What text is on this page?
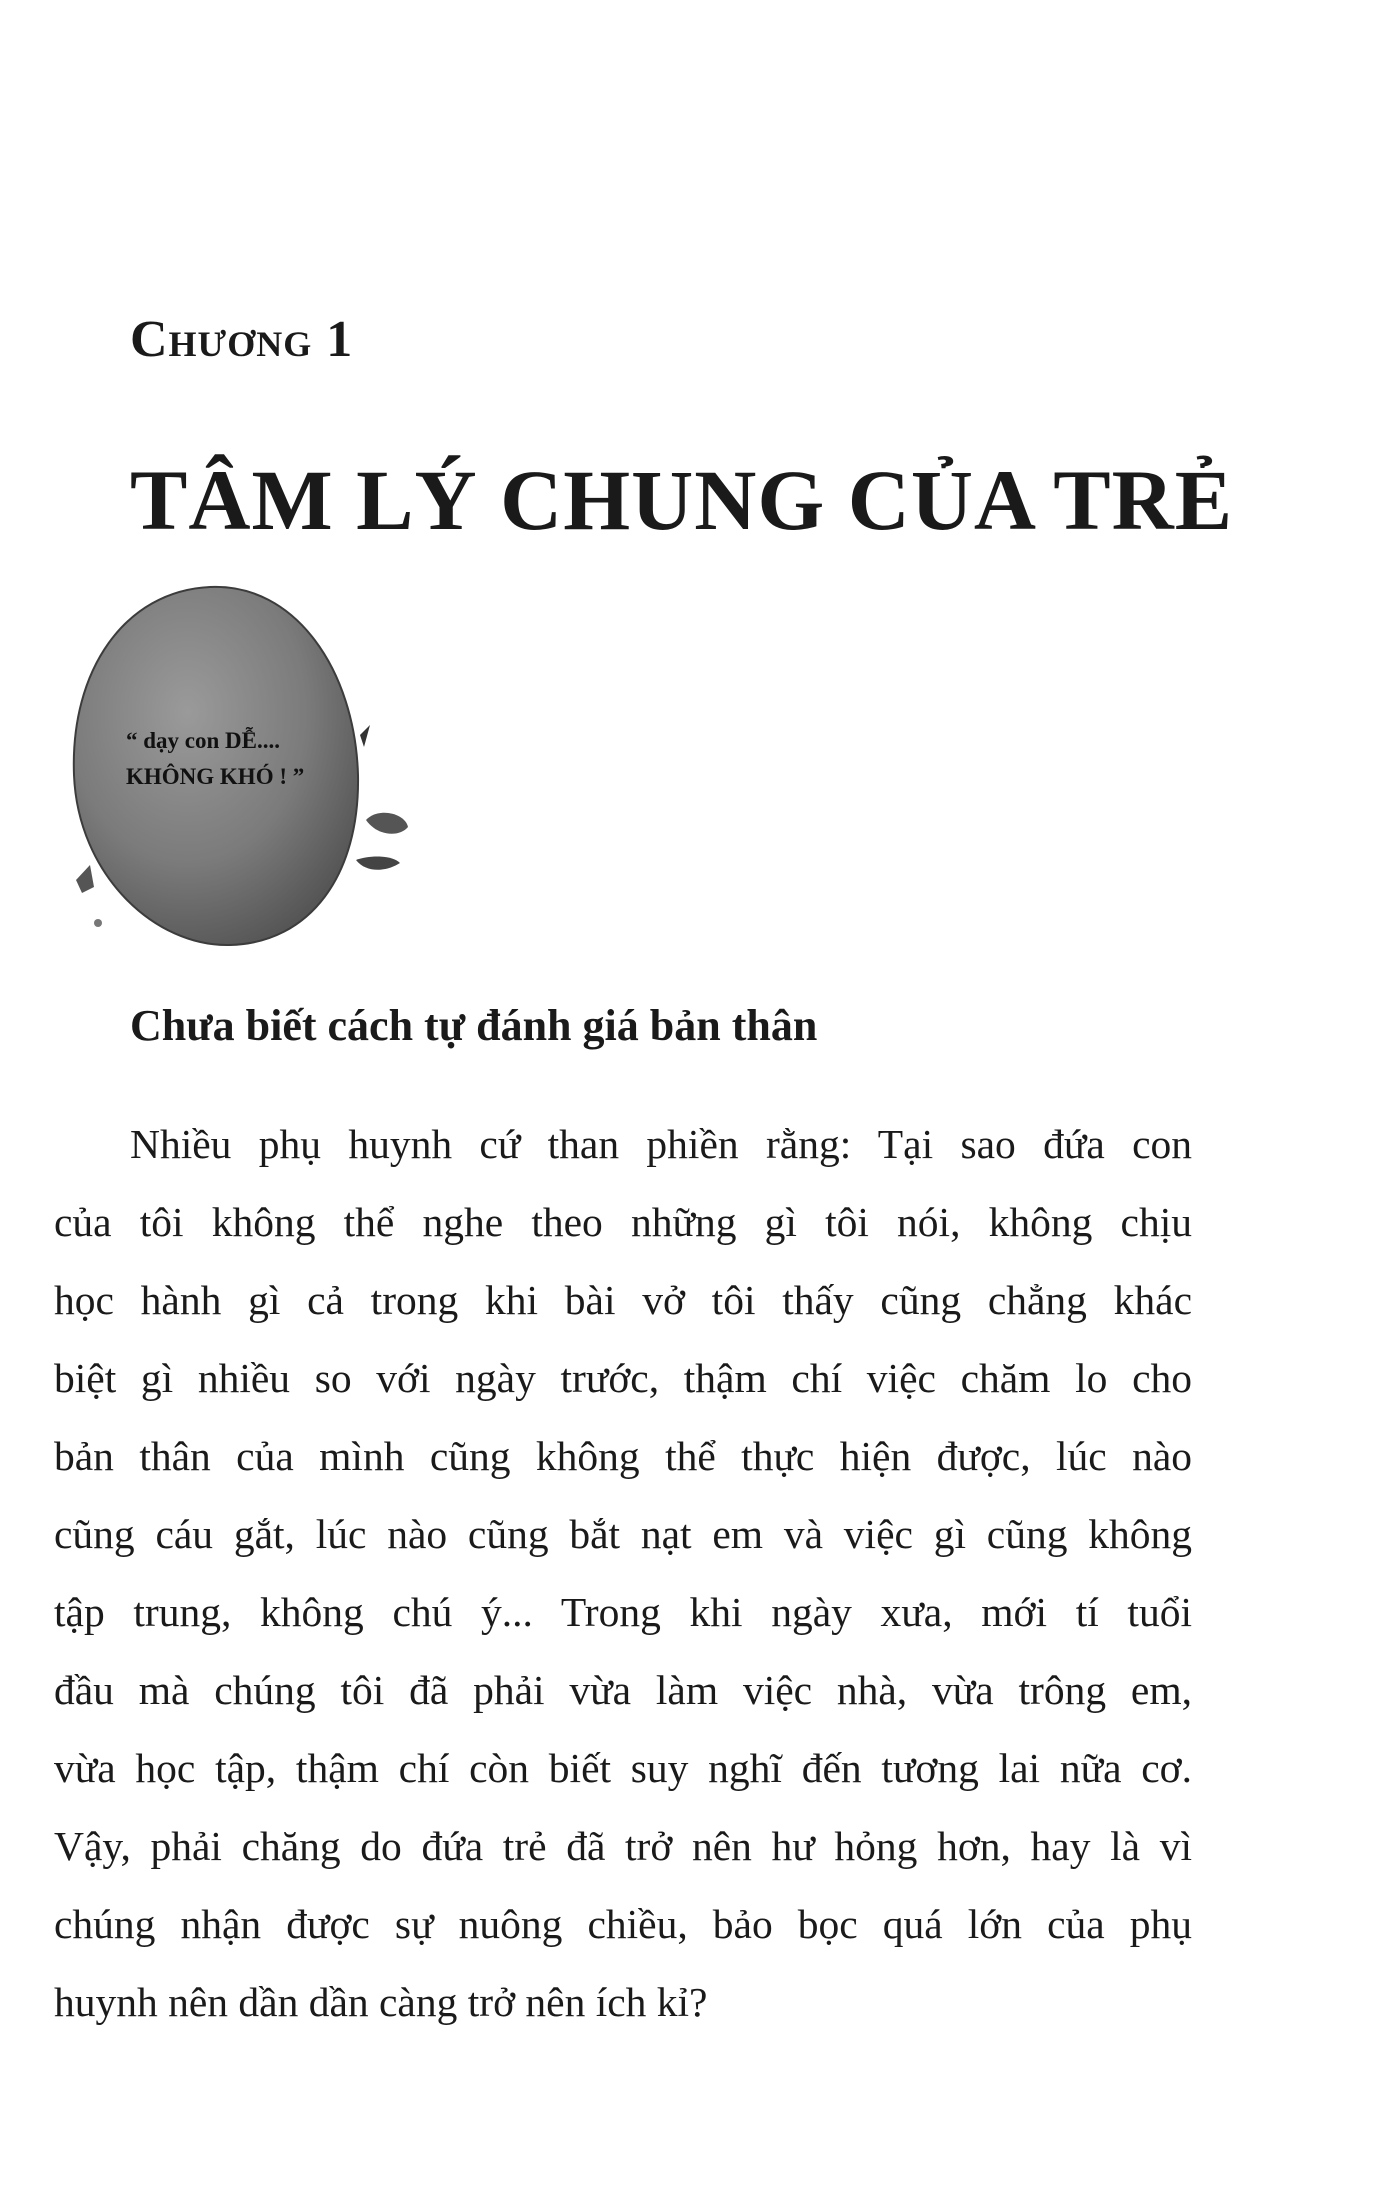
Chương 1
TÂM LÝ CHUNG CỦA TRẺ
“ dạy con DỄ....
KHÔNG KHÓ ! ”
Chưa biết cách tự đánh giá bản thân
Nhiều phụ huynh cứ than phiền rằng: Tại sao đứa con
của tôi không thể nghe theo những gì tôi nói, không chịu
học hành gì cả trong khi bài vở tôi thấy cũng chẳng khác
biệt gì nhiều so với ngày trước, thậm chí việc chăm lo cho
bản thân của mình cũng không thể thực hiện được, lúc nào
cũng cáu gắt, lúc nào cũng bắt nạt em và việc gì cũng không
tập trung, không chú ý... Trong khi ngày xưa, mới tí tuổi
đầu mà chúng tôi đã phải vừa làm việc nhà, vừa trông em,
vừa học tập, thậm chí còn biết suy nghĩ đến tương lai nữa cơ.
Vậy, phải chăng do đứa trẻ đã trở nên hư hỏng hơn, hay là vì
chúng nhận được sự nuông chiều, bảo bọc quá lớn của phụ
huynh nên dần dần càng trở nên ích kỉ?
